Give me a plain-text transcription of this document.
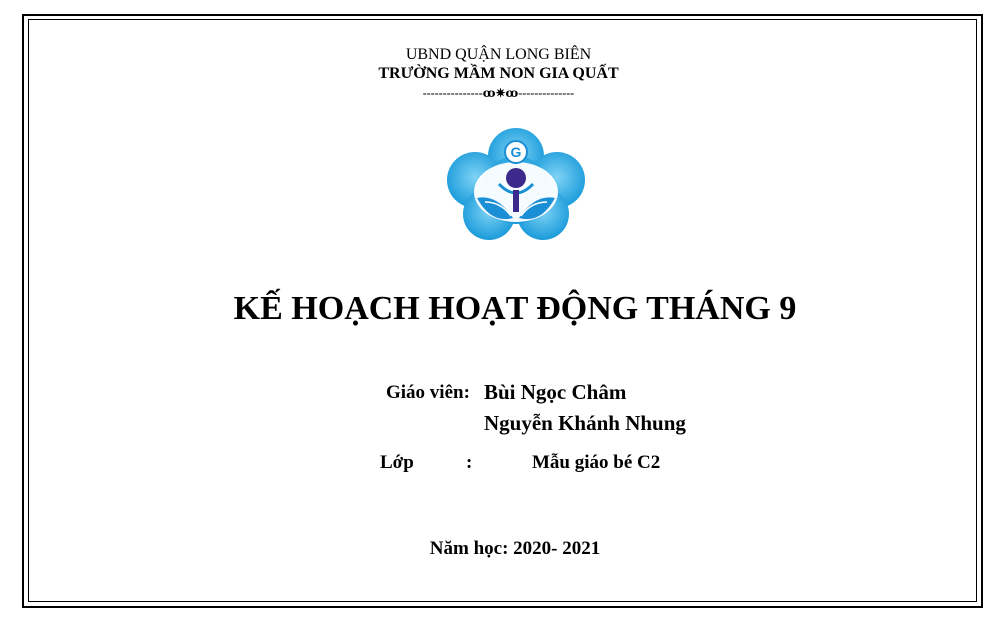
UBND QUẬN LONG BIÊN
TRƯỜNG MẦM NON GIA QUẤT
---------------ꝏ✷ꝏ--------------
G
KẾ HOẠCH HOẠT ĐỘNG THÁNG 9
Giáo viên: Bùi Ngọc Châm
Nguyễn Khánh Nhung
Lớp	:	Mẫu giáo bé C2
Năm học: 2020- 2021
